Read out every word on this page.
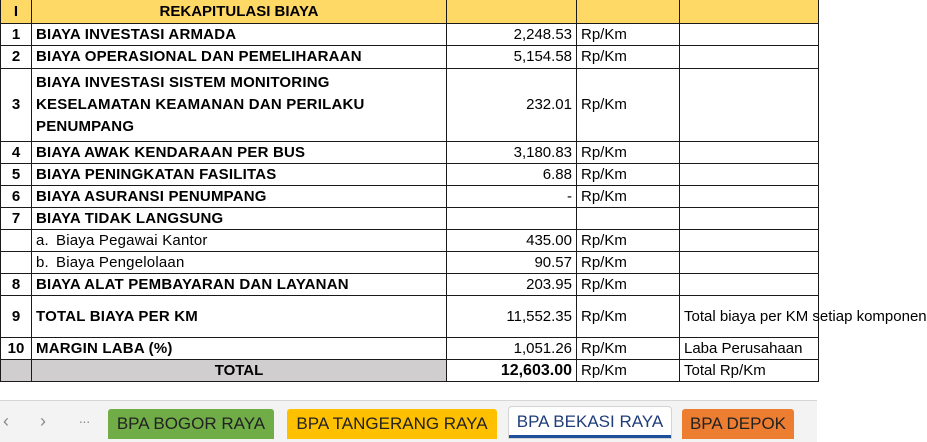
I	REKAPITULASI BIAYA			
1	BIAYA INVESTASI ARMADA	2,248.53	Rp/Km	
2	BIAYA OPERASIONAL DAN PEMELIHARAAN	5,154.58	Rp/Km	
3	BIAYA INVESTASI SISTEM MONITORING KESELAMATAN KEAMANAN DAN PERILAKU PENUMPANG	232.01	Rp/Km	
4	BIAYA AWAK KENDARAAN PER BUS	3,180.83	Rp/Km	
5	BIAYA PENINGKATAN FASILITAS	6.88	Rp/Km	
6	BIAYA ASURANSI PENUMPANG	-	Rp/Km	
7	BIAYA TIDAK LANGSUNG			
	a. Biaya Pegawai Kantor	435.00	Rp/Km	
	b. Biaya Pengelolaan	90.57	Rp/Km	
8	BIAYA ALAT PEMBAYARAN DAN LAYANAN	203.95	Rp/Km	
9	TOTAL BIAYA PER KM	11,552.35	Rp/Km	Total biaya per KM setiap komponen
10	MARGIN LABA (%)	1,051.26	Rp/Km	Laba Perusahaan
	TOTAL	12,603.00	Rp/Km	Total Rp/Km
‹	›	···	BPA BOGOR RAYA	BPA TANGERANG RAYA	BPA BEKASI RAYA	BPA DEPOK
